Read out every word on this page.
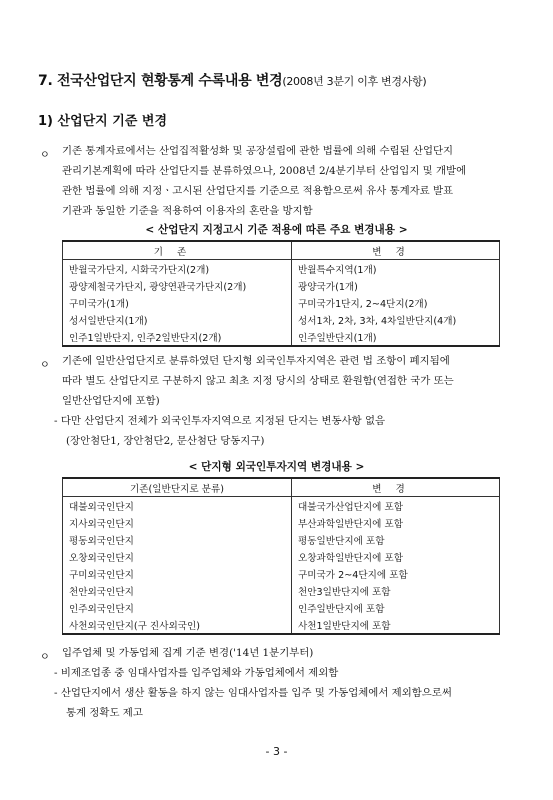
7. 전국산업단지 현황통계 수록내용 변경(2008년 3분기 이후 변경사항)
1) 산업단지 기준 변경
ㅇ 기존 통계자료에서는 산업집적활성화 및 공장설립에 관한 법률에 의해 수립된 산업단지
관리기본계획에 따라 산업단지를 분류하였으나, 2008년 2/4분기부터 산업입지 및 개발에
관한 법률에 의해 지정ㆍ고시된 산업단지를 기준으로 적용함으로써 유사 통계자료 발표
기관과 동일한 기준을 적용하여 이용자의 혼란을 방지함
< 산업단지 지정고시 기준 적용에 따른 주요 변경내용 >
기존	변경
반월국가단지, 시화국가단지(2개)	반월특수지역(1개)
광양제철국가단지, 광양연관국가단지(2개)	광양국가(1개)
구미국가(1개)	구미국가1단지, 2~4단지(2개)
성서일반단지(1개)	성서1차, 2차, 3차, 4차일반단지(4개)
인주1일반단지, 인주2일반단지(2개)	인주일반단지(1개)
ㅇ 기존에 일반산업단지로 분류하였던 단지형 외국인투자지역은 관련 법 조항이 폐지됨에
따라 별도 산업단지로 구분하지 않고 최초 지정 당시의 상태로 환원함(연접한 국가 또는
일반산업단지에 포함)
- 다만 산업단지 전체가 외국인투자지역으로 지정된 단지는 변동사항 없음
(장안첨단1, 장안첨단2, 문산첨단 당동지구)
< 단지형 외국인투자지역 변경내용 >
기존(일반단지로 분류)	변경
대불외국인단지	대불국가산업단지에 포함
지사외국인단지	부산과학일반단지에 포함
평동외국인단지	평동일반단지에 포함
오창외국인단지	오창과학일반단지에 포함
구미외국인단지	구미국가 2~4단지에 포함
천안외국인단지	천안3일반단지에 포함
인주외국인단지	인주일반단지에 포함
사천외국인단지(구 진사외국인)	사천1일반단지에 포함
ㅇ 입주업체 및 가동업체 집계 기준 변경('14년 1분기부터)
- 비제조업종 중 임대사업자를 입주업체와 가동업체에서 제외함
- 산업단지에서 생산 활동을 하지 않는 임대사업자를 입주 및 가동업체에서 제외함으로써
통계 정확도 제고
- 3 -
